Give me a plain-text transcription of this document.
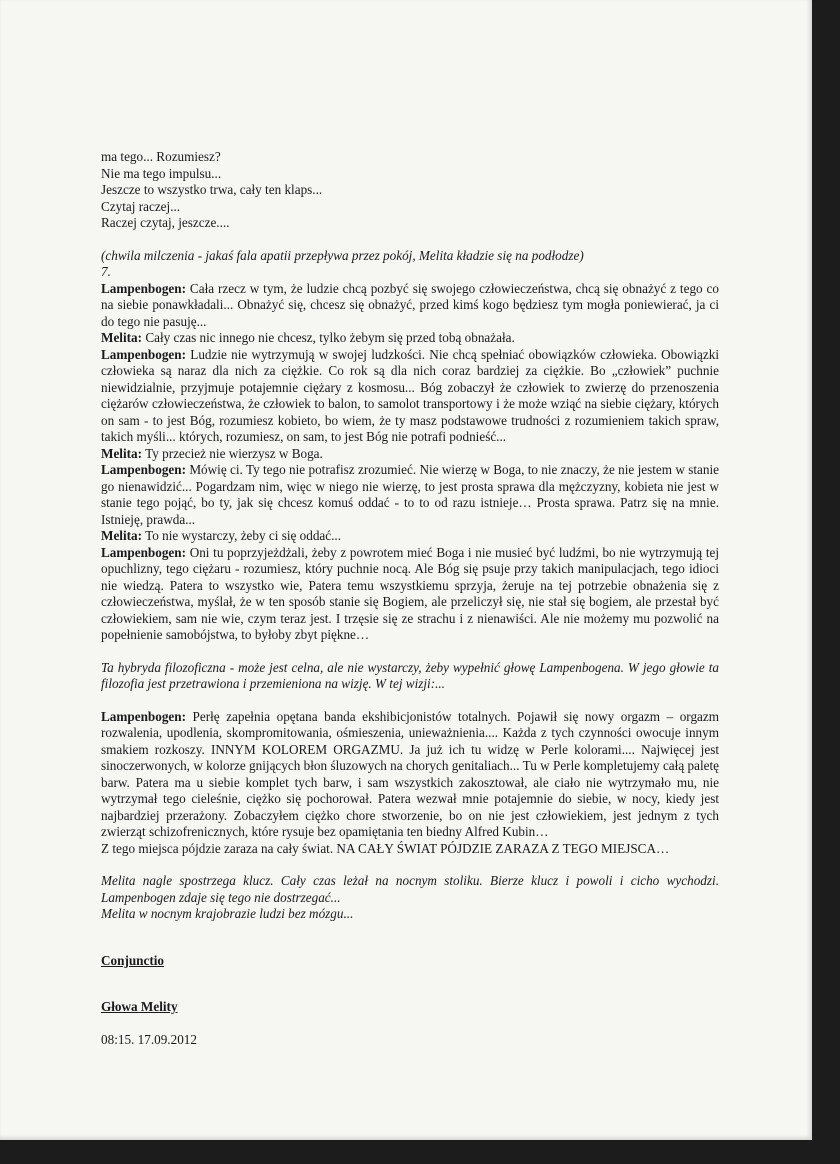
ma tego... Rozumiesz?

Nie ma tego impulsu...

Jeszcze to wszystko trwa, cały ten klaps...

Czytaj raczej...

Raczej czytaj, jeszcze....

(chwila milczenia - jakaś fala apatii przepływa przez pokój, Melita kładzie się na podłodze)

7.

Lampenbogen: Cała rzecz w tym, że ludzie chcą pozbyć się swojego człowieczeństwa, chcą się obnażyć z tego co na siebie ponawkładali... Obnażyć się, chcesz się obnażyć, przed kimś kogo będziesz tym mogła poniewierać, ja ci do tego nie pasuję...

Melita: Cały czas nic innego nie chcesz, tylko żebym się przed tobą obnażała.

Lampenbogen: Ludzie nie wytrzymują w swojej ludzkości. Nie chcą spełniać obowiązków człowieka. Obowiązki człowieka są naraz dla nich za ciężkie. Co rok są dla nich coraz bardziej za ciężkie. Bo „człowiek” puchnie niewidzialnie, przyjmuje potajemnie ciężary z kosmosu... Bóg zobaczył że człowiek to zwierzę do przenoszenia ciężarów człowieczeństwa, że człowiek to balon, to samolot transportowy i że może wziąć na siebie ciężary, których on sam - to jest Bóg, rozumiesz kobieto, bo wiem, że ty masz podstawowe trudności z rozumieniem takich spraw, takich myśli... których, rozumiesz, on sam, to jest Bóg nie potrafi podnieść...

Melita: Ty przecież nie wierzysz w Boga.

Lampenbogen: Mówię ci. Ty tego nie potrafisz zrozumieć. Nie wierzę w Boga, to nie znaczy, że nie jestem w stanie go nienawidzić... Pogardzam nim, więc w niego nie wierzę, to jest prosta sprawa dla mężczyzny, kobieta nie jest w stanie tego pojąć, bo ty, jak się chcesz komuś oddać - to to od razu istnieje… Prosta sprawa. Patrz się na mnie. Istnieję, prawda...

Melita: To nie wystarczy, żeby ci się oddać...

Lampenbogen: Oni tu poprzyjeżdżali, żeby z powrotem mieć Boga i nie musieć być ludźmi, bo nie wytrzymują tej opuchlizny, tego ciężaru - rozumiesz, który puchnie nocą. Ale Bóg się psuje przy takich manipulacjach, tego idioci nie wiedzą. Patera to wszystko wie, Patera temu wszystkiemu sprzyja, żeruje na tej potrzebie obnażenia się z człowieczeństwa, myślał, że w ten sposób stanie się Bogiem, ale przeliczył się, nie stał się bogiem, ale przestał być człowiekiem, sam nie wie, czym teraz jest. I trzęsie się ze strachu i z nienawiści. Ale nie możemy mu pozwolić na popełnienie samobójstwa, to byłoby zbyt piękne…

Ta hybryda filozoficzna - może jest celna, ale nie wystarczy, żeby wypełnić głowę Lampenbogena. W jego głowie ta filozofia jest przetrawiona i przemieniona na wizję. W tej wizji:...

Lampenbogen: Perłę zapełnia opętana banda ekshibicjonistów totalnych. Pojawił się nowy orgazm – orgazm rozwalenia, upodlenia, skompromitowania, ośmieszenia, unieważnienia.... Każda z tych czynności owocuje innym smakiem rozkoszy. INNYM KOLOREM ORGAZMU. Ja już ich tu widzę w Perle kolorami.... Najwięcej jest sinoczerwonych, w kolorze gnijących błon śluzowych na chorych genitaliach... Tu w Perle kompletujemy całą paletę barw. Patera ma u siebie komplet tych barw, i sam wszystkich zakosztował, ale ciało nie wytrzymało mu, nie wytrzymał tego cieleśnie, ciężko się pochorował. Patera wezwał mnie potajemnie do siebie, w nocy, kiedy jest najbardziej przerażony. Zobaczyłem ciężko chore stworzenie, bo on nie jest człowiekiem, jest jednym z tych zwierząt schizofrenicznych, które rysuje bez opamiętania ten biedny Alfred Kubin…

Z tego miejsca pójdzie zaraza na cały świat. NA CAŁY ŚWIAT PÓJDZIE ZARAZA Z TEGO MIEJSCA…

Melita nagle spostrzega klucz. Cały czas leżał na nocnym stoliku. Bierze klucz i powoli i cicho wychodzi. Lampenbogen zdaje się tego nie dostrzegać...

Melita w nocnym krajobrazie ludzi bez mózgu...

Conjunctio

Głowa Melity

08:15. 17.09.2012
